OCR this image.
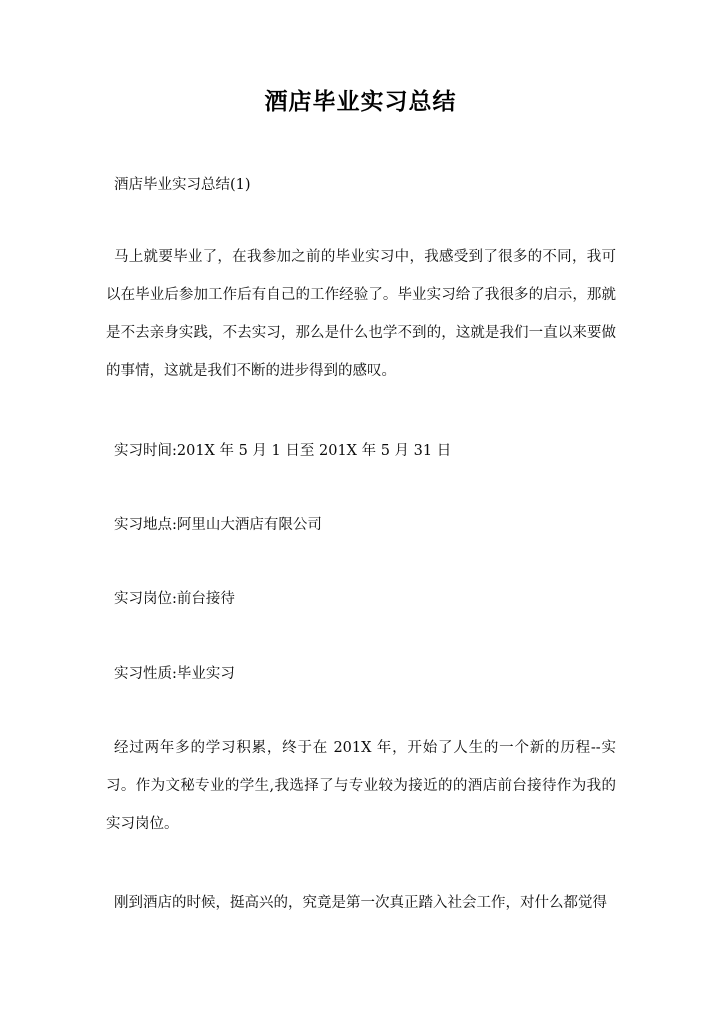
酒店毕业实习总结

酒店毕业实习总结(1)

马上就要毕业了，在我参加之前的毕业实习中，我感受到了很多的不同，我可以在毕业后参加工作后有自己的工作经验了。毕业实习给了我很多的启示，那就是不去亲身实践，不去实习，那么是什么也学不到的，这就是我们一直以来要做的事情，这就是我们不断的进步得到的感叹。

实习时间:201X 年 5 月 1 日至 201X 年 5 月 31 日

实习地点:阿里山大酒店有限公司

实习岗位:前台接待

实习性质:毕业实习

经过两年多的学习积累，终于在 201X 年，开始了人生的一个新的历程--实习。作为文秘专业的学生,我选择了与专业较为接近的的酒店前台接待作为我的实习岗位。

刚到酒店的时候，挺高兴的，究竟是第一次真正踏入社会工作，对什么都觉得
